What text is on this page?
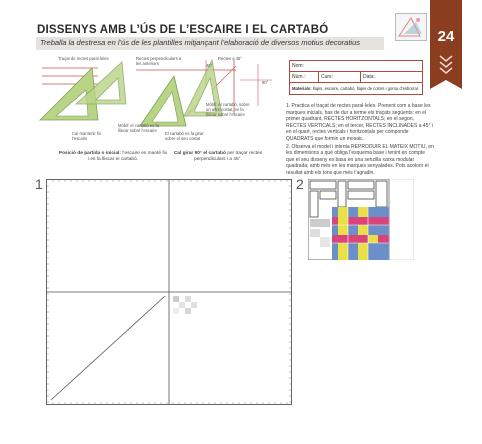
DISSENYS AMB L’ÚS DE L’ESCAIRE I EL CARTABÓ
Treballa la destresa en l’ús de les plantilles mitjançant l’elaboració de diversos motius decoratius	24
Traçat de rectes paral·leles	Rectes perpendiculars a les anteriors
Rectes a 45°
Cal mantenir fix l’escaire
Mòbil: el cartabó es fa lliscar sobre l’escaire
El cartabó es fa girar sobre el seu costat
Mòbil: el cartabó, sobre un altre costat, es fa lliscar sobre l’escaire
90°
45°
Posició de partida o inicial: l’escaire es manté fix i es fa lliscar el cartabó.
Cal girar 90° el cartabó per traçar rectes perpendiculars i a 45°.
Nom:
Núm.:	Curs:	Data:
Materials: llapis, escaire, cartabó, llapis de colors i goma d’esborrar.

1. Practica el traçat de rectes paral·leles. Prenent com a base les marques inicials, has de dur a terme els traçats següents: en el primer quadrant, RECTES HORITZONTALS; en el segon, RECTES VERTICALS; en el tercer, RECTES INCLINADES a 45° i en el quart, rectes verticals i horitzontals per componde QUADRATS que formin un mosaic.

2. Observa el model i intenta REPRODUIR EL MATEIX MOTIU, en les dimensions a què obliga l’esquema base i tenint en compte que el seu disseny es basa en una senzilla xarxa modular quadrada; amb més en les marques senyalades. Pots acolorir el resultat amb els tons que més t’agradin.

1	2
